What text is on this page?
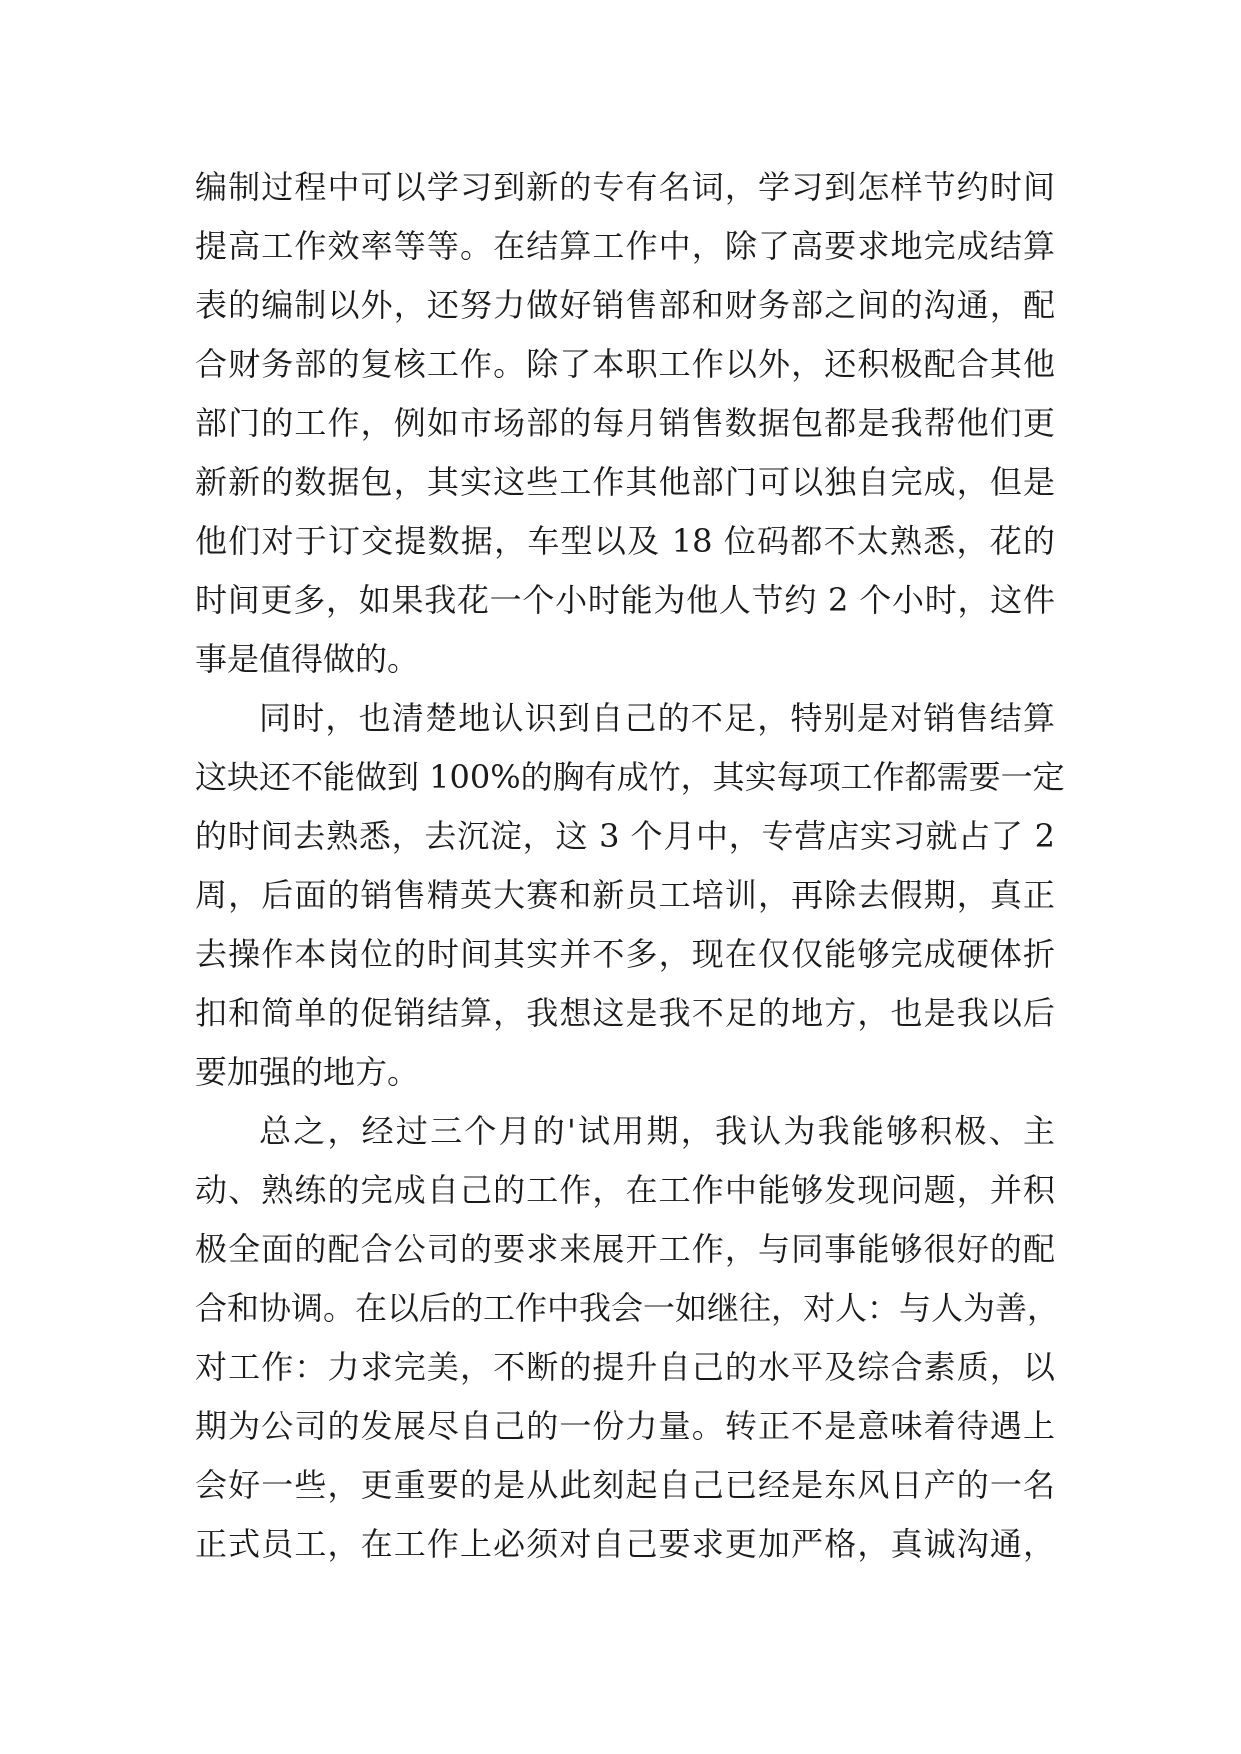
编制过程中可以学习到新的专有名词，学习到怎样节约时间
提高工作效率等等。在结算工作中，除了高要求地完成结算
表的编制以外，还努力做好销售部和财务部之间的沟通，配
合财务部的复核工作。除了本职工作以外，还积极配合其他
部门的工作，例如市场部的每月销售数据包都是我帮他们更
新新的数据包，其实这些工作其他部门可以独自完成，但是
他们对于订交提数据，车型以及 18 位码都不太熟悉，花的
时间更多，如果我花一个小时能为他人节约 2 个小时，这件
事是值得做的。
同时，也清楚地认识到自己的不足，特别是对销售结算
这块还不能做到 100%的胸有成竹，其实每项工作都需要一定
的时间去熟悉，去沉淀，这 3 个月中，专营店实习就占了 2
周，后面的销售精英大赛和新员工培训，再除去假期，真正
去操作本岗位的时间其实并不多，现在仅仅能够完成硬体折
扣和简单的促销结算，我想这是我不足的地方，也是我以后
要加强的地方。
总之，经过三个月的'试用期，我认为我能够积极、主
动、熟练的完成自己的工作，在工作中能够发现问题，并积
极全面的配合公司的要求来展开工作，与同事能够很好的配
合和协调。在以后的工作中我会一如继往，对人：与人为善，
对工作：力求完美，不断的提升自己的水平及综合素质，以
期为公司的发展尽自己的一份力量。转正不是意味着待遇上
会好一些，更重要的是从此刻起自己已经是东风日产的一名
正式员工，在工作上必须对自己要求更加严格，真诚沟通，
